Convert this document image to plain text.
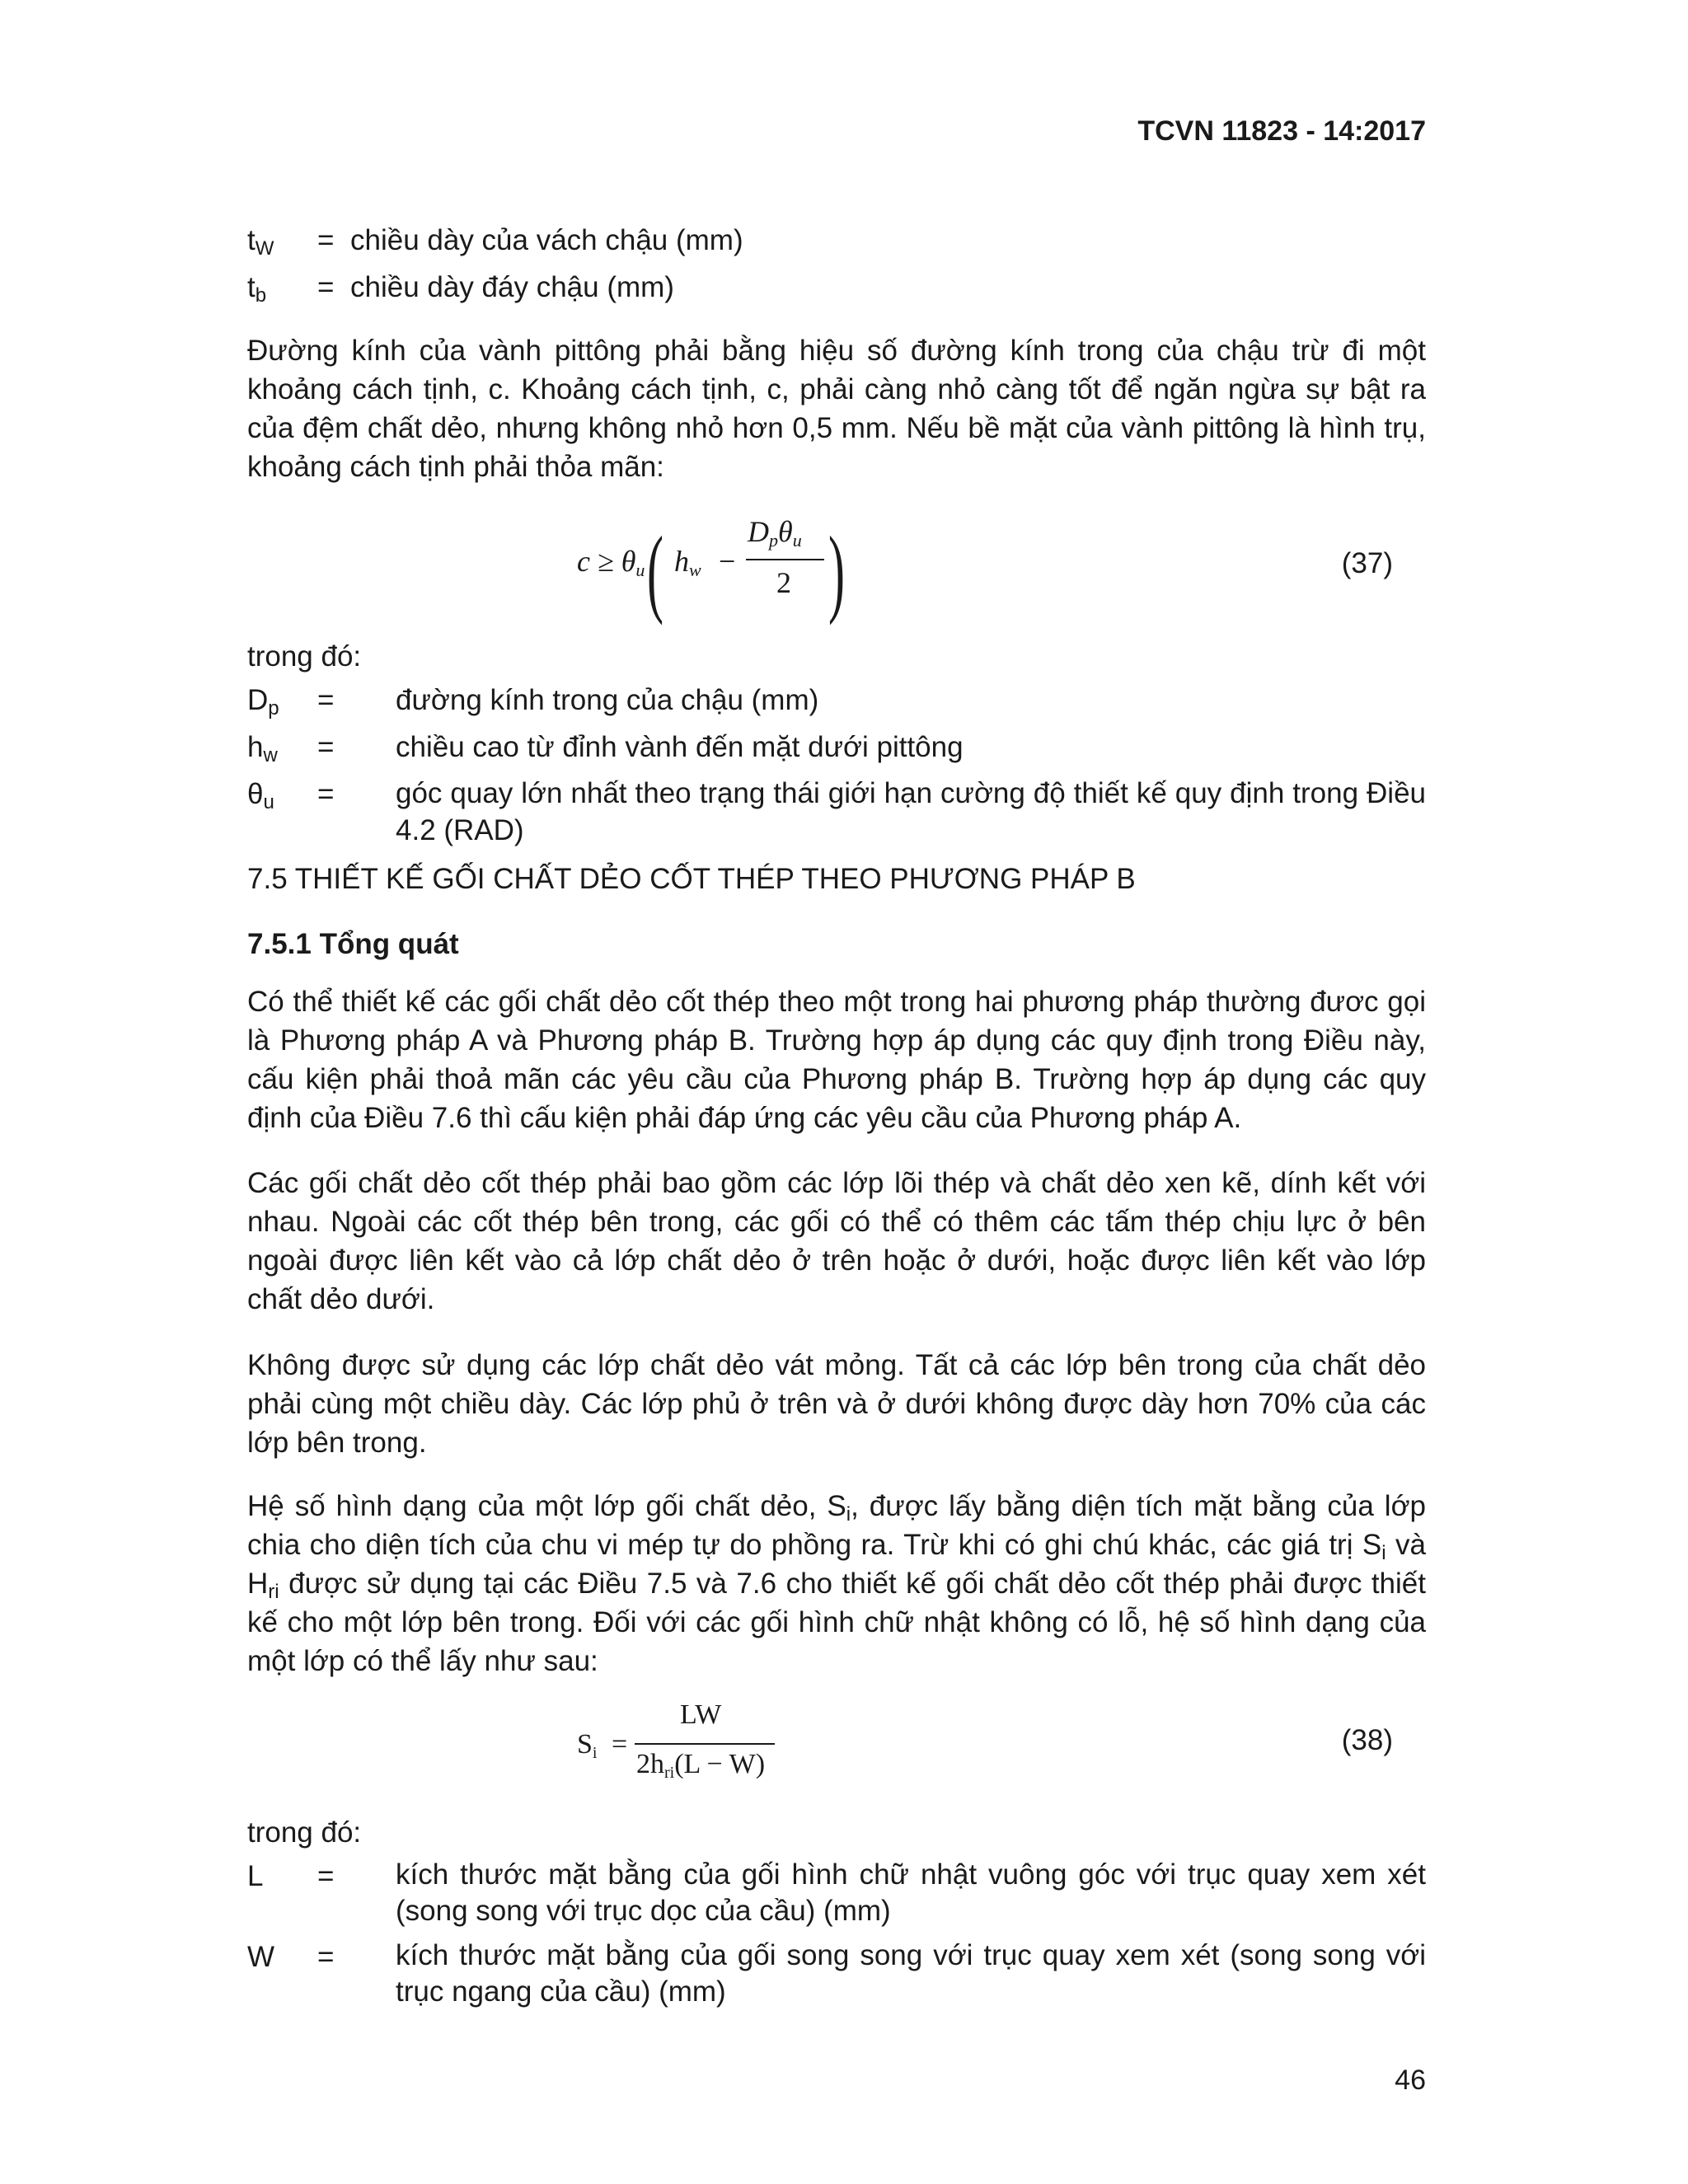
TCVN 11823 - 14:2017
$t_W$	= chiều dày của vách chậu (mm)
$t_b$	= chiều dày đáy chậu (mm)

Đường kính của vành pittông phải bằng hiệu số đường kính trong của chậu trừ đi một khoảng cách tịnh, c. Khoảng cách tịnh, c, phải càng nhỏ càng tốt để ngăn ngừa sự bật ra của đệm chất dẻo, nhưng không nhỏ hơn 0,5 mm. Nếu bề mặt của vành pittông là hình trụ, khoảng cách tịnh phải thỏa mãn:

$c \ge \theta_u$ ( $h_w$ −
$D_p\theta_u$
2 )	(37)
trong đó:
$D_p$	=	đường kính trong của chậu (mm)
$h_w$	=	chiều cao từ đỉnh vành đến mặt dưới pittông
$\theta_u$	=	góc quay lớn nhất theo trạng thái giới hạn cường độ thiết kế quy định trong Điều 4.2 (RAD)
7.5 THIẾT KẾ GỐI CHẤT DẺO CỐT THÉP THEO PHƯƠNG PHÁP B
7.5.1 Tổng quát

Có thể thiết kế các gối chất dẻo cốt thép theo một trong hai phương pháp thường đươc gọi là Phương pháp A và Phương pháp B. Trường hợp áp dụng các quy định trong Điều này, cấu kiện phải thoả mãn các yêu cầu của Phương pháp B. Trường hợp áp dụng các quy định của Điều 7.6 thì cấu kiện phải đáp ứng các yêu cầu của Phương pháp A.

Các gối chất dẻo cốt thép phải bao gồm các lớp lõi thép và chất dẻo xen kẽ, dính kết với nhau. Ngoài các cốt thép bên trong, các gối có thể có thêm các tấm thép chịu lực ở bên ngoài được liên kết vào cả lớp chất dẻo ở trên hoặc ở dưới, hoặc được liên kết vào lớp chất dẻo dưới.

Không được sử dụng các lớp chất dẻo vát mỏng. Tất cả các lớp bên trong của chất dẻo phải cùng một chiều dày. Các lớp phủ ở trên và ở dưới không được dày hơn 70% của các lớp bên trong.

Hệ số hình dạng của một lớp gối chất dẻo, $S_i$, được lấy bằng diện tích mặt bằng của lớp chia cho diện tích của chu vi mép tự do phồng ra. Trừ khi có ghi chú khác, các giá trị $S_i$ và $H_{ri}$ được sử dụng tại các Điều 7.5 và 7.6 cho thiết kế gối chất dẻo cốt thép phải được thiết kế cho một lớp bên trong. Đối với các gối hình chữ nhật không có lỗ, hệ số hình dạng của một lớp có thể lấy như sau:

$S_i$ =
LW
$2h_{ri}(L - W)$
(38)
trong đó:
L	=	kích thước mặt bằng của gối hình chữ nhật vuông góc với trục quay xem xét (song song với trục dọc của cầu) (mm)
W	=	kích thước mặt bằng của gối song song với trục quay xem xét (song song với trục ngang của cầu) (mm)
46
